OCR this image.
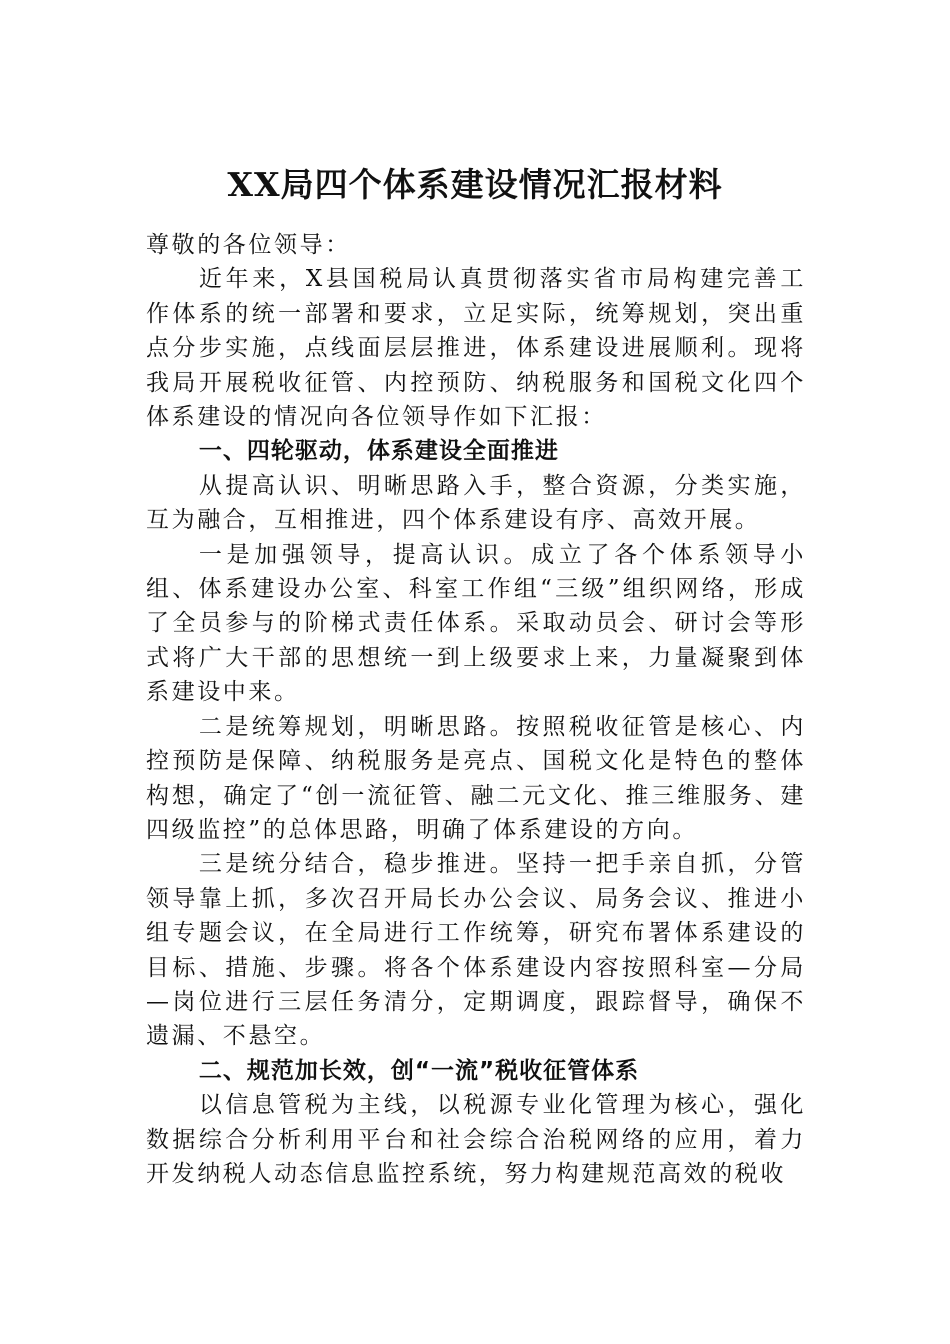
XX局四个体系建设情况汇报材料

尊敬的各位领导：

近年来，X县国税局认真贯彻落实省市局构建完善工作体系的统一部署和要求，立足实际，统筹规划，突出重点分步实施，点线面层层推进，体系建设进展顺利。现将我局开展税收征管、内控预防、纳税服务和国税文化四个体系建设的情况向各位领导作如下汇报：

一、四轮驱动，体系建设全面推进

从提高认识、明晰思路入手，整合资源，分类实施，互为融合，互相推进，四个体系建设有序、高效开展。

一是加强领导，提高认识。成立了各个体系领导小组、体系建设办公室、科室工作组“三级”组织网络，形成了全员参与的阶梯式责任体系。采取动员会、研讨会等形式将广大干部的思想统一到上级要求上来，力量凝聚到体系建设中来。

二是统筹规划，明晰思路。按照税收征管是核心、内控预防是保障、纳税服务是亮点、国税文化是特色的整体构想，确定了“创一流征管、融二元文化、推三维服务、建四级监控”的总体思路，明确了体系建设的方向。

三是统分结合，稳步推进。坚持一把手亲自抓，分管领导靠上抓，多次召开局长办公会议、局务会议、推进小组专题会议，在全局进行工作统筹，研究布署体系建设的目标、措施、步骤。将各个体系建设内容按照科室—分局—岗位进行三层任务清分，定期调度，跟踪督导，确保不遗漏、不悬空。

二、规范加长效，创“一流”税收征管体系

以信息管税为主线，以税源专业化管理为核心，强化数据综合分析利用平台和社会综合治税网络的应用，着力开发纳税人动态信息监控系统，努力构建规范高效的税收
